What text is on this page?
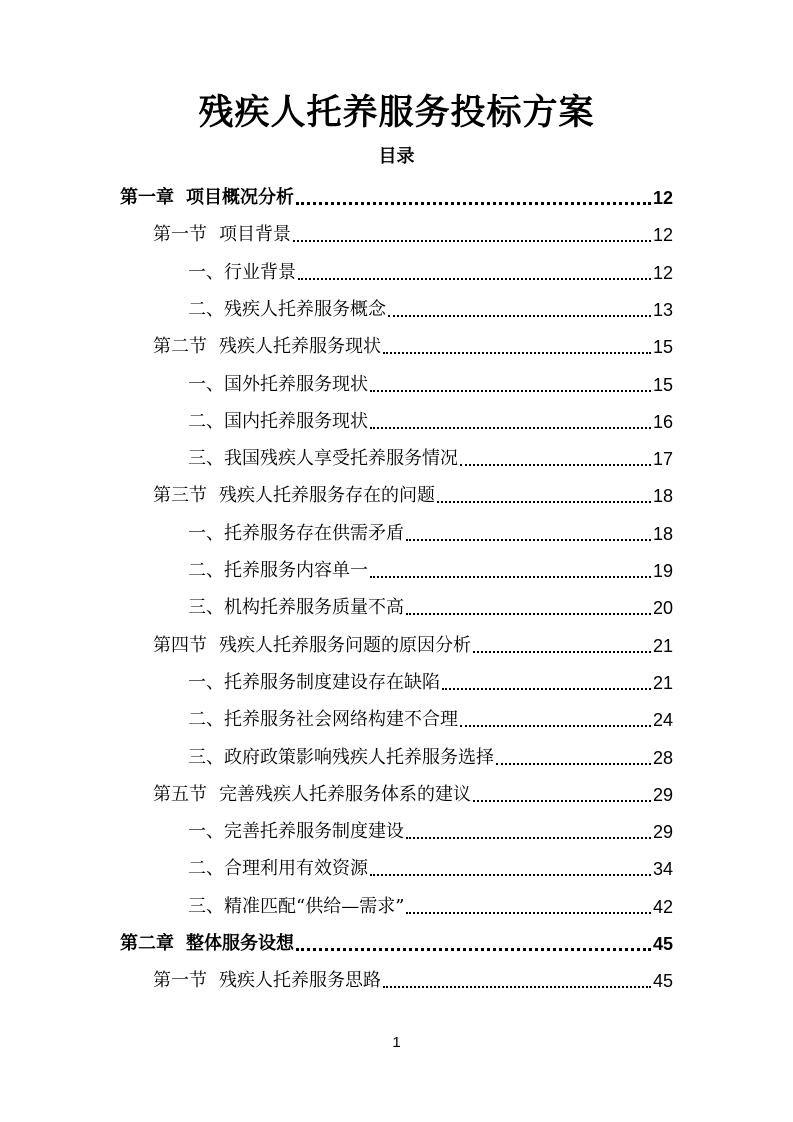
残疾人托养服务投标方案
目录
第一章 项目概况分析	12
第一节 项目背景	12
一、行业背景	12
二、残疾人托养服务概念	13
第二节 残疾人托养服务现状	15
一、国外托养服务现状	15
二、国内托养服务现状	16
三、我国残疾人享受托养服务情况	17
第三节 残疾人托养服务存在的问题	18
一、托养服务存在供需矛盾	18
二、托养服务内容单一	19
三、机构托养服务质量不高	20
第四节 残疾人托养服务问题的原因分析	21
一、托养服务制度建设存在缺陷	21
二、托养服务社会网络构建不合理	24
三、政府政策影响残疾人托养服务选择	28
第五节 完善残疾人托养服务体系的建议	29
一、完善托养服务制度建设	29
二、合理利用有效资源	34
三、精准匹配“供给—需求”	42
第二章 整体服务设想	45
第一节 残疾人托养服务思路	45
1
